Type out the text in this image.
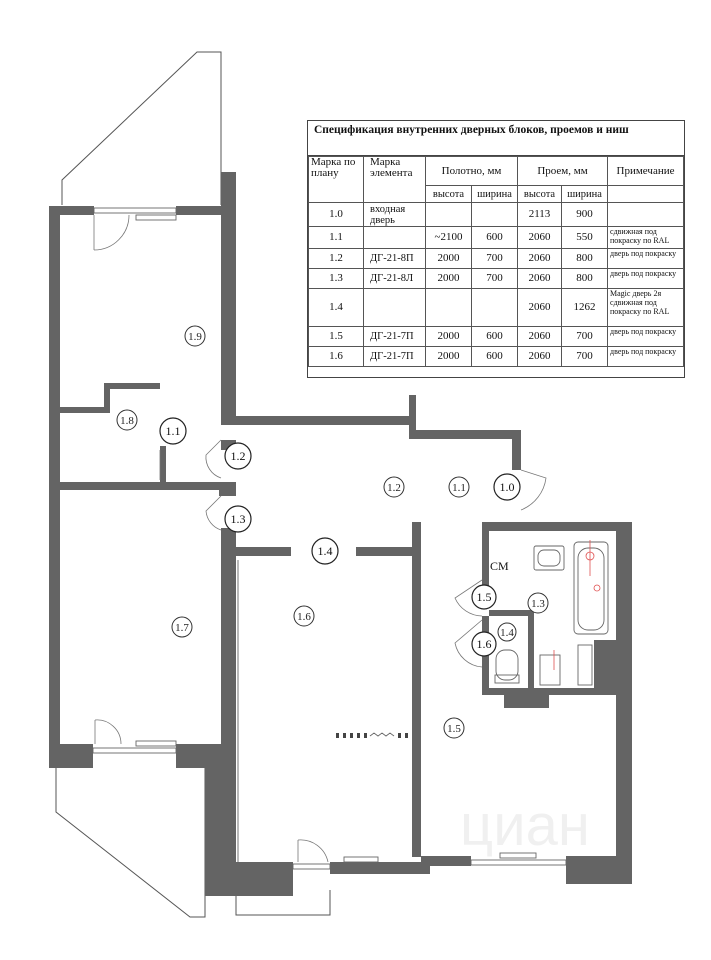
1.9
1.8
1.7
1.6
1.5
1.3
1.2	1.1
1.4
1.1
1.2
1.3
1.4
1.0
1.5
1.6
СМ
циан
Спецификация внутренних дверных блоков, проемов и ниш
Марка по плану	Марка элемента	Полотно, мм		Проем, мм		Примечание
		высота	ширина	высота	ширина	
1.0	входная дверь			2113	900	
1.1		~2100	600	2060	550	сдвижная под покраску по RAL
1.2	ДГ-21-8П	2000	700	2060	800	дверь под покраску
1.3	ДГ-21-8Л	2000	700	2060	800	дверь под покраску
1.4				2060	1262	Magic дверь 2я сдвижная под покраску по RAL
1.5	ДГ-21-7П	2000	600	2060	700	дверь под покраску
1.6	ДГ-21-7П	2000	600	2060	700	дверь под покраску
